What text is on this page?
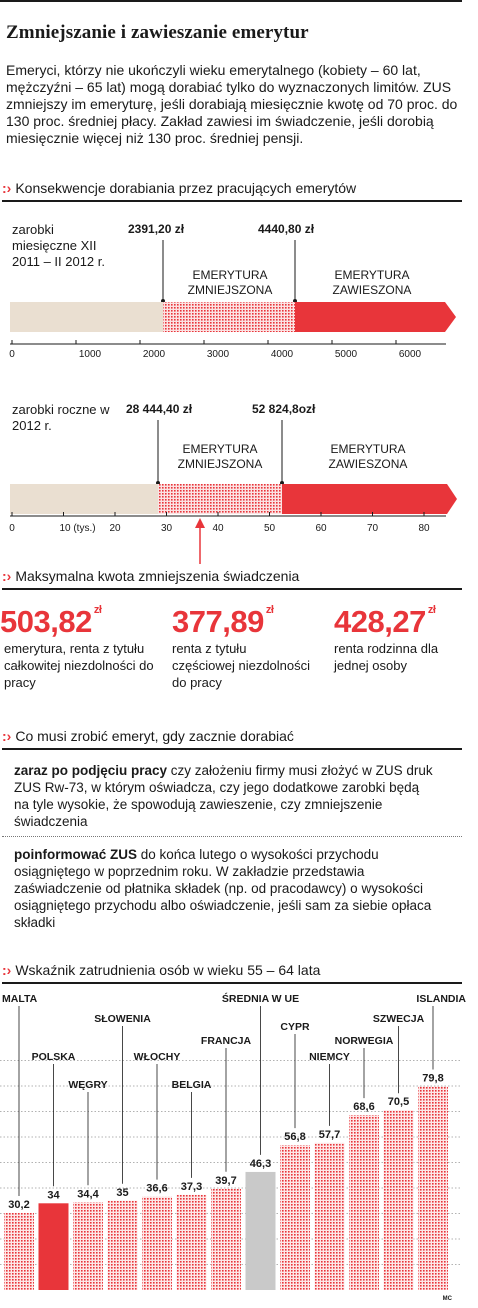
Zmniejszanie i zawieszanie emerytur

Emeryci, którzy nie ukończyli wieku emerytalnego (kobiety – 60 lat, mężczyźni – 65 lat) mogą dorabiać tylko do wyznaczonych limitów. ZUS zmniejszy im emeryturę, jeśli dorabiają miesięcznie kwotę od 70 proc. do 130 proc. średniej płacy. Zakład zawiesi im świadczenie, jeśli dorobią miesięcznie więcej niż 130 proc. średniej pensji.

:› Konsekwencje dorabiania przez pracujących emerytów
zarobki miesięczne XII 2011 – II 2012 r.
2391,20 zł	4440,80 zł
EMERYTURA ZMNIEJSZONA
EMERYTURA ZAWIESZONA
0	1000	2000	3000	4000	5000	6000
zarobki roczne w 2012 r.
28 444,40 zł	52 824,8ozł
EMERYTURA ZMNIEJSZONA
EMERYTURA ZAWIESZONA
0	10 (tys.) 20	30	40	50	60	70	80
:› Maksymalna kwota zmniejszenia świadczenia
503,82 $^{zł}$ 377,89 $^{zł}$ 428,27 $^{zł}$
emerytura, renta z tytułu całkowitej niezdolności do pracy
renta z tytułu częściowej niezdolności do pracy
renta rodzinna dla jednej osoby
:› Co musi zrobić emeryt, gdy zacznie dorabiać
zaraz po podjęciu pracy czy założeniu firmy musi złożyć w ZUS druk ZUS Rw-73, w którym oświadcza, czy jego dodatkowe zarobki będą na tyle wysokie, że spowodują zawieszenie, czy zmniejszenie świadczenia
poinformować ZUS do końca lutego o wysokości przychodu osiągniętego w poprzednim roku. W zakładzie przedstawia zaświadczenie od płatnika składek (np. od pracodawcy) o wysokości osiągniętego przychodu albo oświadczenie, jeśli sam za siebie opłaca składki
:› Wskaźnik zatrudnienia osób w wieku 55 – 64 lata
30,2
MALTA
34
POLSKA
34,4
WĘGRY
35
SŁOWENIA
36,6
WŁOCHY
37,3
BELGIA
39,7
FRANCJA
46,3
ŚREDNIA W UE
56,8
CYPR
57,7
NIEMCY
68,6
NORWEGIA
70,5
SZWECJA
79,8
ISLANDIA
MC
